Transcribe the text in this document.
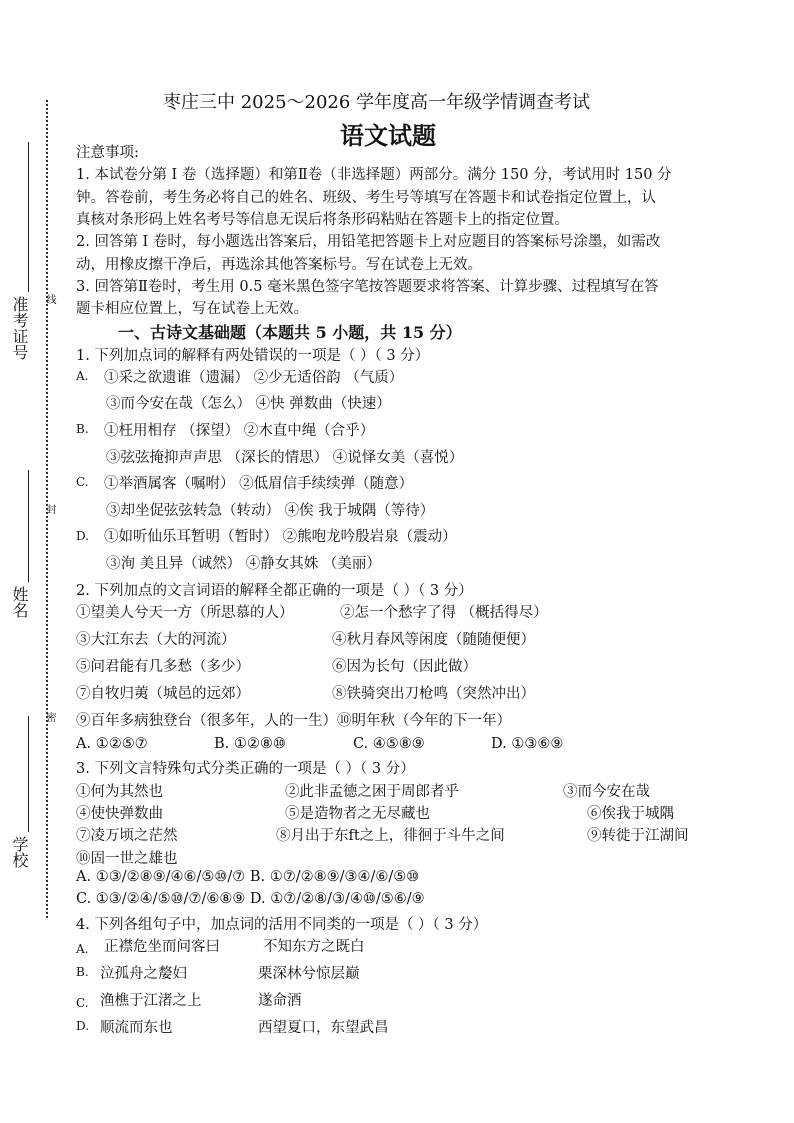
准考证号
姓名
学校
线
封
密
枣庄三中 2025～2026 学年度高一年级学情调查考试
语文试题
注意事项:
1. 本试卷分第 I 卷（选择题）和第Ⅱ卷（非选择题）两部分。满分 150 分，考试用时 150 分
钟。答卷前，考生务必将自己的姓名、班级、考生号等填写在答题卡和试卷指定位置上，认
真核对条形码上姓名考号等信息无误后将条形码粘贴在答题卡上的指定位置。
2. 回答第 I 卷时，每小题选出答案后，用铅笔把答题卡上对应题目的答案标号涂墨，如需改
动，用橡皮擦干净后，再选涂其他答案标号。写在试卷上无效。
3. 回答第Ⅱ卷时，考生用 0.5 毫米黑色签字笔按答题要求将答案、计算步骤、过程填写在答
题卡相应位置上，写在试卷上无效。
一、古诗文基础题（本题共 5 小题，共 15 分）
1. 下列加点词的解释有两处错误的一项是（ ）（ 3 分）
A. ①采之欲遗谁（遗漏） ②少无适俗韵 （气质）
③而今安在哉（怎么） ④快 弹数曲（快速）
B. ①枉用相存 （探望） ②木直中绳（合乎）
③弦弦掩抑声声思 （深长的情思） ④说怿女美（喜悦）
C. ①举酒属客（嘱咐） ②低眉信手续续弹（随意）
③却坐促弦弦转急（转动） ④俟 我于城隅（等待）
D. ①如听仙乐耳暂明（暂时） ②熊咆龙吟殷岩泉（震动）
③洵 美且异（诚然） ④静女其姝 （美丽）
2. 下列加点的文言词语的解释全都正确的一项是（ ）（ 3 分）
①望美人兮天一方（所思慕的人）	②怎一个愁字了得 （概括得尽）
③大江东去（大的河流）	④秋月春风等闲度（随随便便）
⑤问君能有几多愁（多少）	⑥因为长句（因此做）
⑦自牧归荑（城邑的远郊）	⑧铁骑突出刀枪鸣（突然冲出）
⑨百年多病独登台（很多年，人的一生）⑩明年秋（今年的下一年）
A. ①②⑤⑦	B. ①②⑧⑩	C. ④⑤⑧⑨	D. ①③⑥⑨
3. 下列文言特殊句式分类正确的一项是（ ）（ 3 分）
①何为其然也	②此非孟德之困于周郎者乎	③而今安在哉
④使快弹数曲	⑤是造物者之无尽藏也	⑥俟我于城隅
⑦凌万顷之茫然	⑧月出于东ft之上，徘徊于斗牛之间	⑨转徙于江湖间
⑩固一世之雄也
A. ①③/②⑧⑨/④⑥/⑤⑩/⑦ B. ①⑦/②⑧⑨/③④/⑥/⑤⑩
C. ①③/②④/⑤⑩/⑦/⑥⑧⑨ D. ①⑦/②⑧/③/④⑩/⑤⑥/⑨
4. 下列各组句子中，加点词的活用不同类的一项是（ ）（ 3 分）
A. 正襟危坐而问客曰	不知东方之既白
B. 泣孤舟之嫠妇	栗深林兮惊层巅
C. 渔樵于江渚之上	遂命酒
D. 顺流而东也	西望夏口，东望武昌
